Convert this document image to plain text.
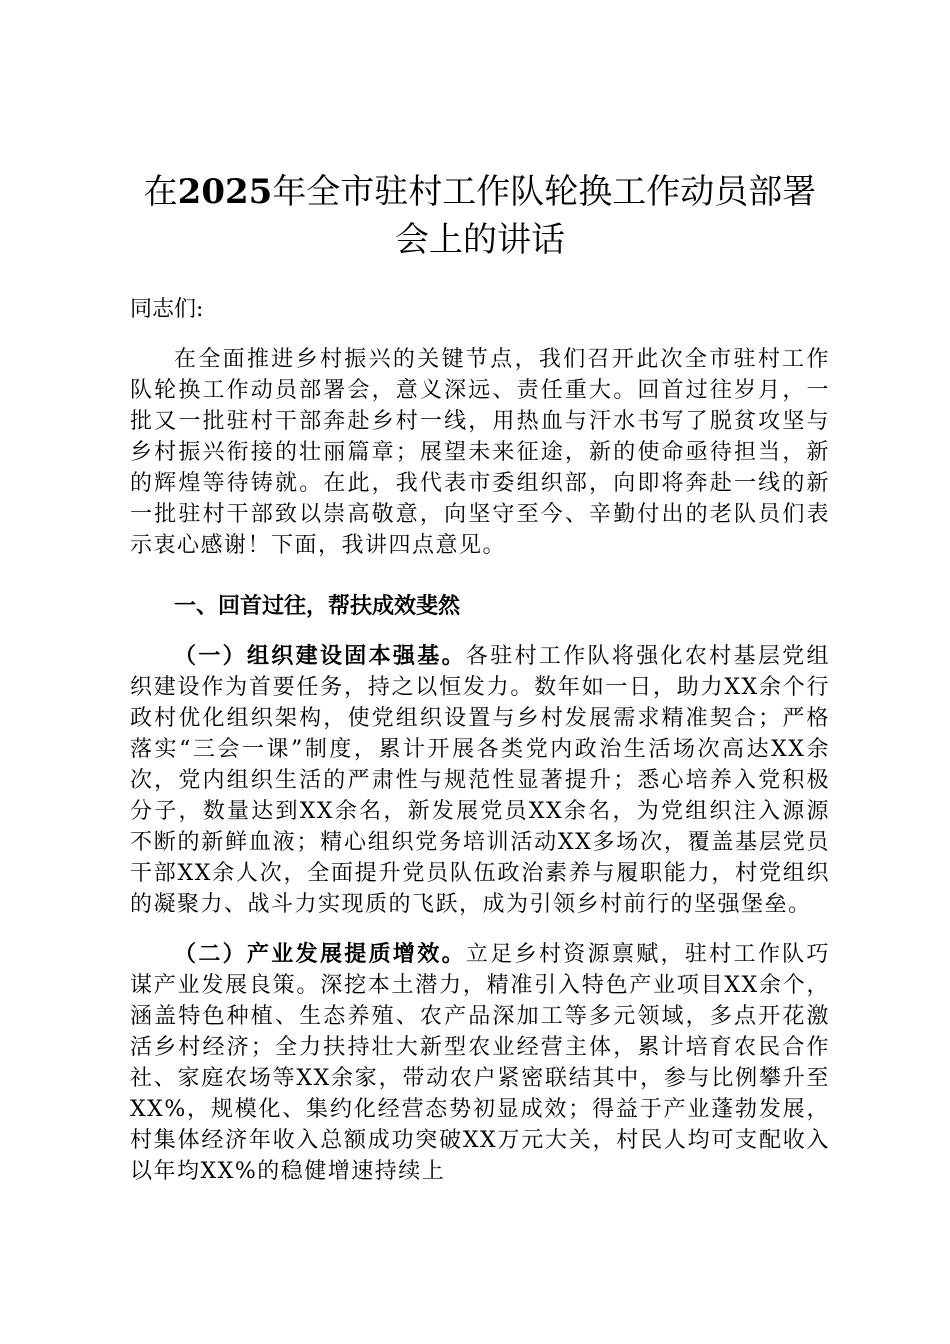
在2025年全市驻村工作队轮换工作动员部署会上的讲话

同志们:

在全面推进乡村振兴的关键节点，我们召开此次全市驻村工作队轮换工作动员部署会，意义深远、责任重大。回首过往岁月，一批又一批驻村干部奔赴乡村一线，用热血与汗水书写了脱贫攻坚与乡村振兴衔接的壮丽篇章；展望未来征途，新的使命亟待担当，新的辉煌等待铸就。在此，我代表市委组织部，向即将奔赴一线的新一批驻村干部致以崇高敬意，向坚守至今、辛勤付出的老队员们表示衷心感谢！下面，我讲四点意见。

一、回首过往，帮扶成效斐然

（一）组织建设固本强基。各驻村工作队将强化农村基层党组织建设作为首要任务，持之以恒发力。数年如一日，助力XX余个行政村优化组织架构，使党组织设置与乡村发展需求精准契合；严格落实“三会一课”制度，累计开展各类党内政治生活场次高达XX余次，党内组织生活的严肃性与规范性显著提升；悉心培养入党积极分子，数量达到XX余名，新发展党员XX余名，为党组织注入源源不断的新鲜血液；精心组织党务培训活动XX多场次，覆盖基层党员干部XX余人次，全面提升党员队伍政治素养与履职能力，村党组织的凝聚力、战斗力实现质的飞跃，成为引领乡村前行的坚强堡垒。

（二）产业发展提质增效。立足乡村资源禀赋，驻村工作队巧谋产业发展良策。深挖本土潜力，精准引入特色产业项目XX余个，涵盖特色种植、生态养殖、农产品深加工等多元领域，多点开花激活乡村经济；全力扶持壮大新型农业经营主体，累计培育农民合作社、家庭农场等XX余家，带动农户紧密联结其中，参与比例攀升至XX%，规模化、集约化经营态势初显成效；得益于产业蓬勃发展，村集体经济年收入总额成功突破XX万元大关，村民人均可支配收入以年均XX%的稳健增速持续上
